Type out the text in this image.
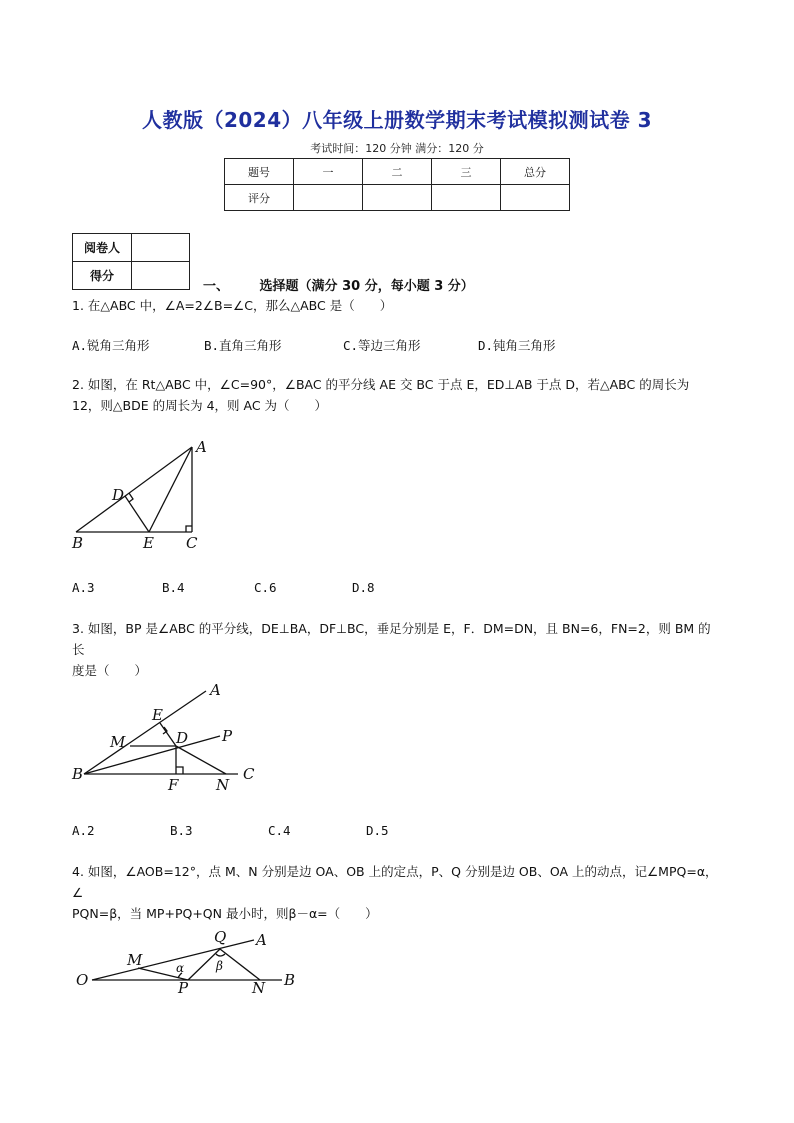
人教版（2024）八年级上册数学期末考试模拟测试卷 3
考试时间：120 分钟 满分：120 分
题号	一	二	三	总分
评分				
阅卷人	
得分	
一、 选择题（满分 30 分，每小题 3 分）
1. 在△ABC 中，∠A=2∠B=∠C，那么△ABC 是（　　）
A.锐角三角形	B.直角三角形	C.等边三角形	D.钝角三角形
2. 如图，在 Rt△ABC 中，∠C=90°，∠BAC 的平分线 AE 交 BC 于点 E，ED⊥AB 于点 D，若△ABC 的周长为
12，则△BDE 的周长为 4，则 AC 为（　　）
A
D
B	E C
A.3	B.4	C.6	D.8
3. 如图，BP 是∠ABC 的平分线，DE⊥BA，DF⊥BC，垂足分别是 E，F．DM=DN，且 BN=6，FN=2，则 BM 的长
度是（　　）
A
E
M	D P
B
F	N
C
A.2	B.3	C.4	D.5
4. 如图，∠AOB=12°，点 M、N 分别是边 OA、OB 上的定点，P、Q 分别是边 OB、OA 上的动点，记∠MPQ=α，∠
PQN=β，当 MP+PQ+QN 最小时，则β－α=（　　）
Q A
M	α	β
O	P	N B
